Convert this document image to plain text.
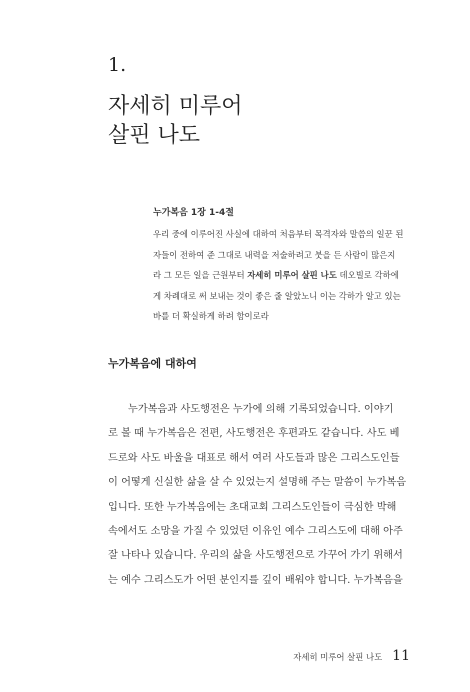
1.
자세히 미루어
살핀 나도

누가복음 1장 1-4절

우리 중에 이루어진 사실에 대하여 처음부터 목격자와 말씀의 일꾼 된
자들이 전하여 준 그대로 내력을 저술하려고 붓을 든 사람이 많은지
라 그 모든 일을 근원부터 자세히 미루어 살핀 나도 데오빌로 각하에
게 차례대로 써 보내는 것이 좋은 줄 알았노니 이는 각하가 알고 있는
바를 더 확실하게 하려 함이로라

누가복음에 대하여
누가복음과 사도행전은 누가에 의해 기록되었습니다. 이야기
로 볼 때 누가복음은 전편, 사도행전은 후편과도 같습니다. 사도 베
드로와 사도 바울을 대표로 해서 여러 사도들과 많은 그리스도인들
이 어떻게 신실한 삶을 살 수 있었는지 설명해 주는 말씀이 누가복음
입니다. 또한 누가복음에는 초대교회 그리스도인들이 극심한 박해
속에서도 소망을 가질 수 있었던 이유인 예수 그리스도에 대해 아주
잘 나타나 있습니다. 우리의 삶을 사도행전으로 가꾸어 가기 위해서
는 예수 그리스도가 어떤 분인지를 깊이 배워야 합니다. 누가복음을
자세히 미루어 살핀 나도 11
